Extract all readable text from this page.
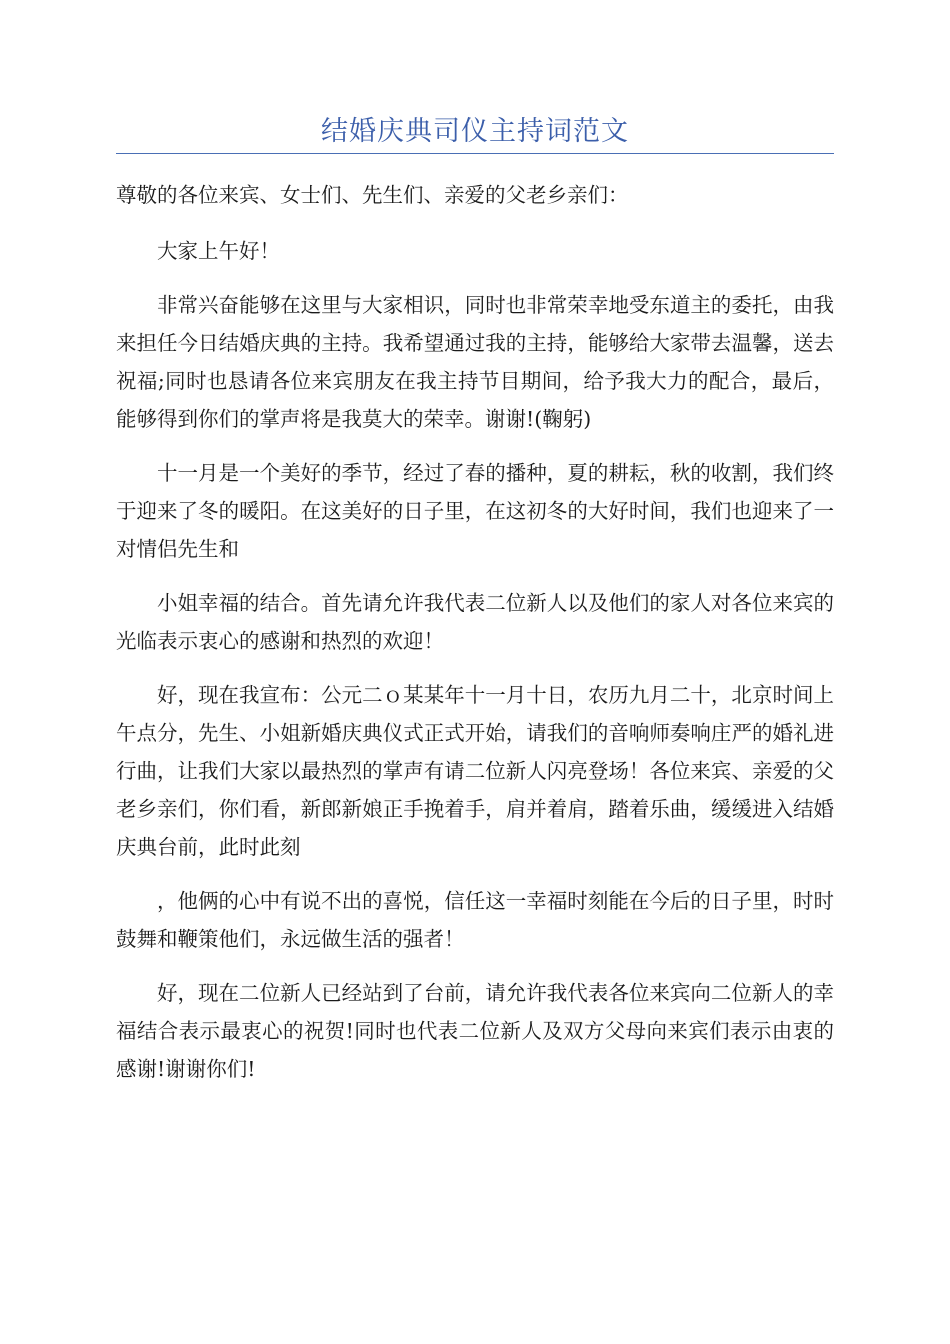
结婚庆典司仪主持词范文

尊敬的各位来宾、女士们、先生们、亲爱的父老乡亲们：

大家上午好！

非常兴奋能够在这里与大家相识，同时也非常荣幸地受东道主的委托，由我来担任今日结婚庆典的主持。我希望通过我的主持，能够给大家带去温馨，送去祝福;同时也恳请各位来宾朋友在我主持节目期间，给予我大力的配合，最后，能够得到你们的掌声将是我莫大的荣幸。谢谢!(鞠躬)

十一月是一个美好的季节，经过了春的播种，夏的耕耘，秋的收割，我们终于迎来了冬的暖阳。在这美好的日子里，在这初冬的大好时间，我们也迎来了一对情侣先生和

小姐幸福的结合。首先请允许我代表二位新人以及他们的家人对各位来宾的光临表示衷心的感谢和热烈的欢迎！

好，现在我宣布：公元二ｏ某某年十一月十日，农历九月二十，北京时间上午点分，先生、小姐新婚庆典仪式正式开始，请我们的音响师奏响庄严的婚礼进行曲，让我们大家以最热烈的掌声有请二位新人闪亮登场！各位来宾、亲爱的父老乡亲们，你们看，新郎新娘正手挽着手，肩并着肩，踏着乐曲，缓缓进入结婚庆典台前，此时此刻

，他俩的心中有说不出的喜悦，信任这一幸福时刻能在今后的日子里，时时鼓舞和鞭策他们，永远做生活的强者！

好，现在二位新人已经站到了台前，请允许我代表各位来宾向二位新人的幸福结合表示最衷心的祝贺!同时也代表二位新人及双方父母向来宾们表示由衷的感谢!谢谢你们!
